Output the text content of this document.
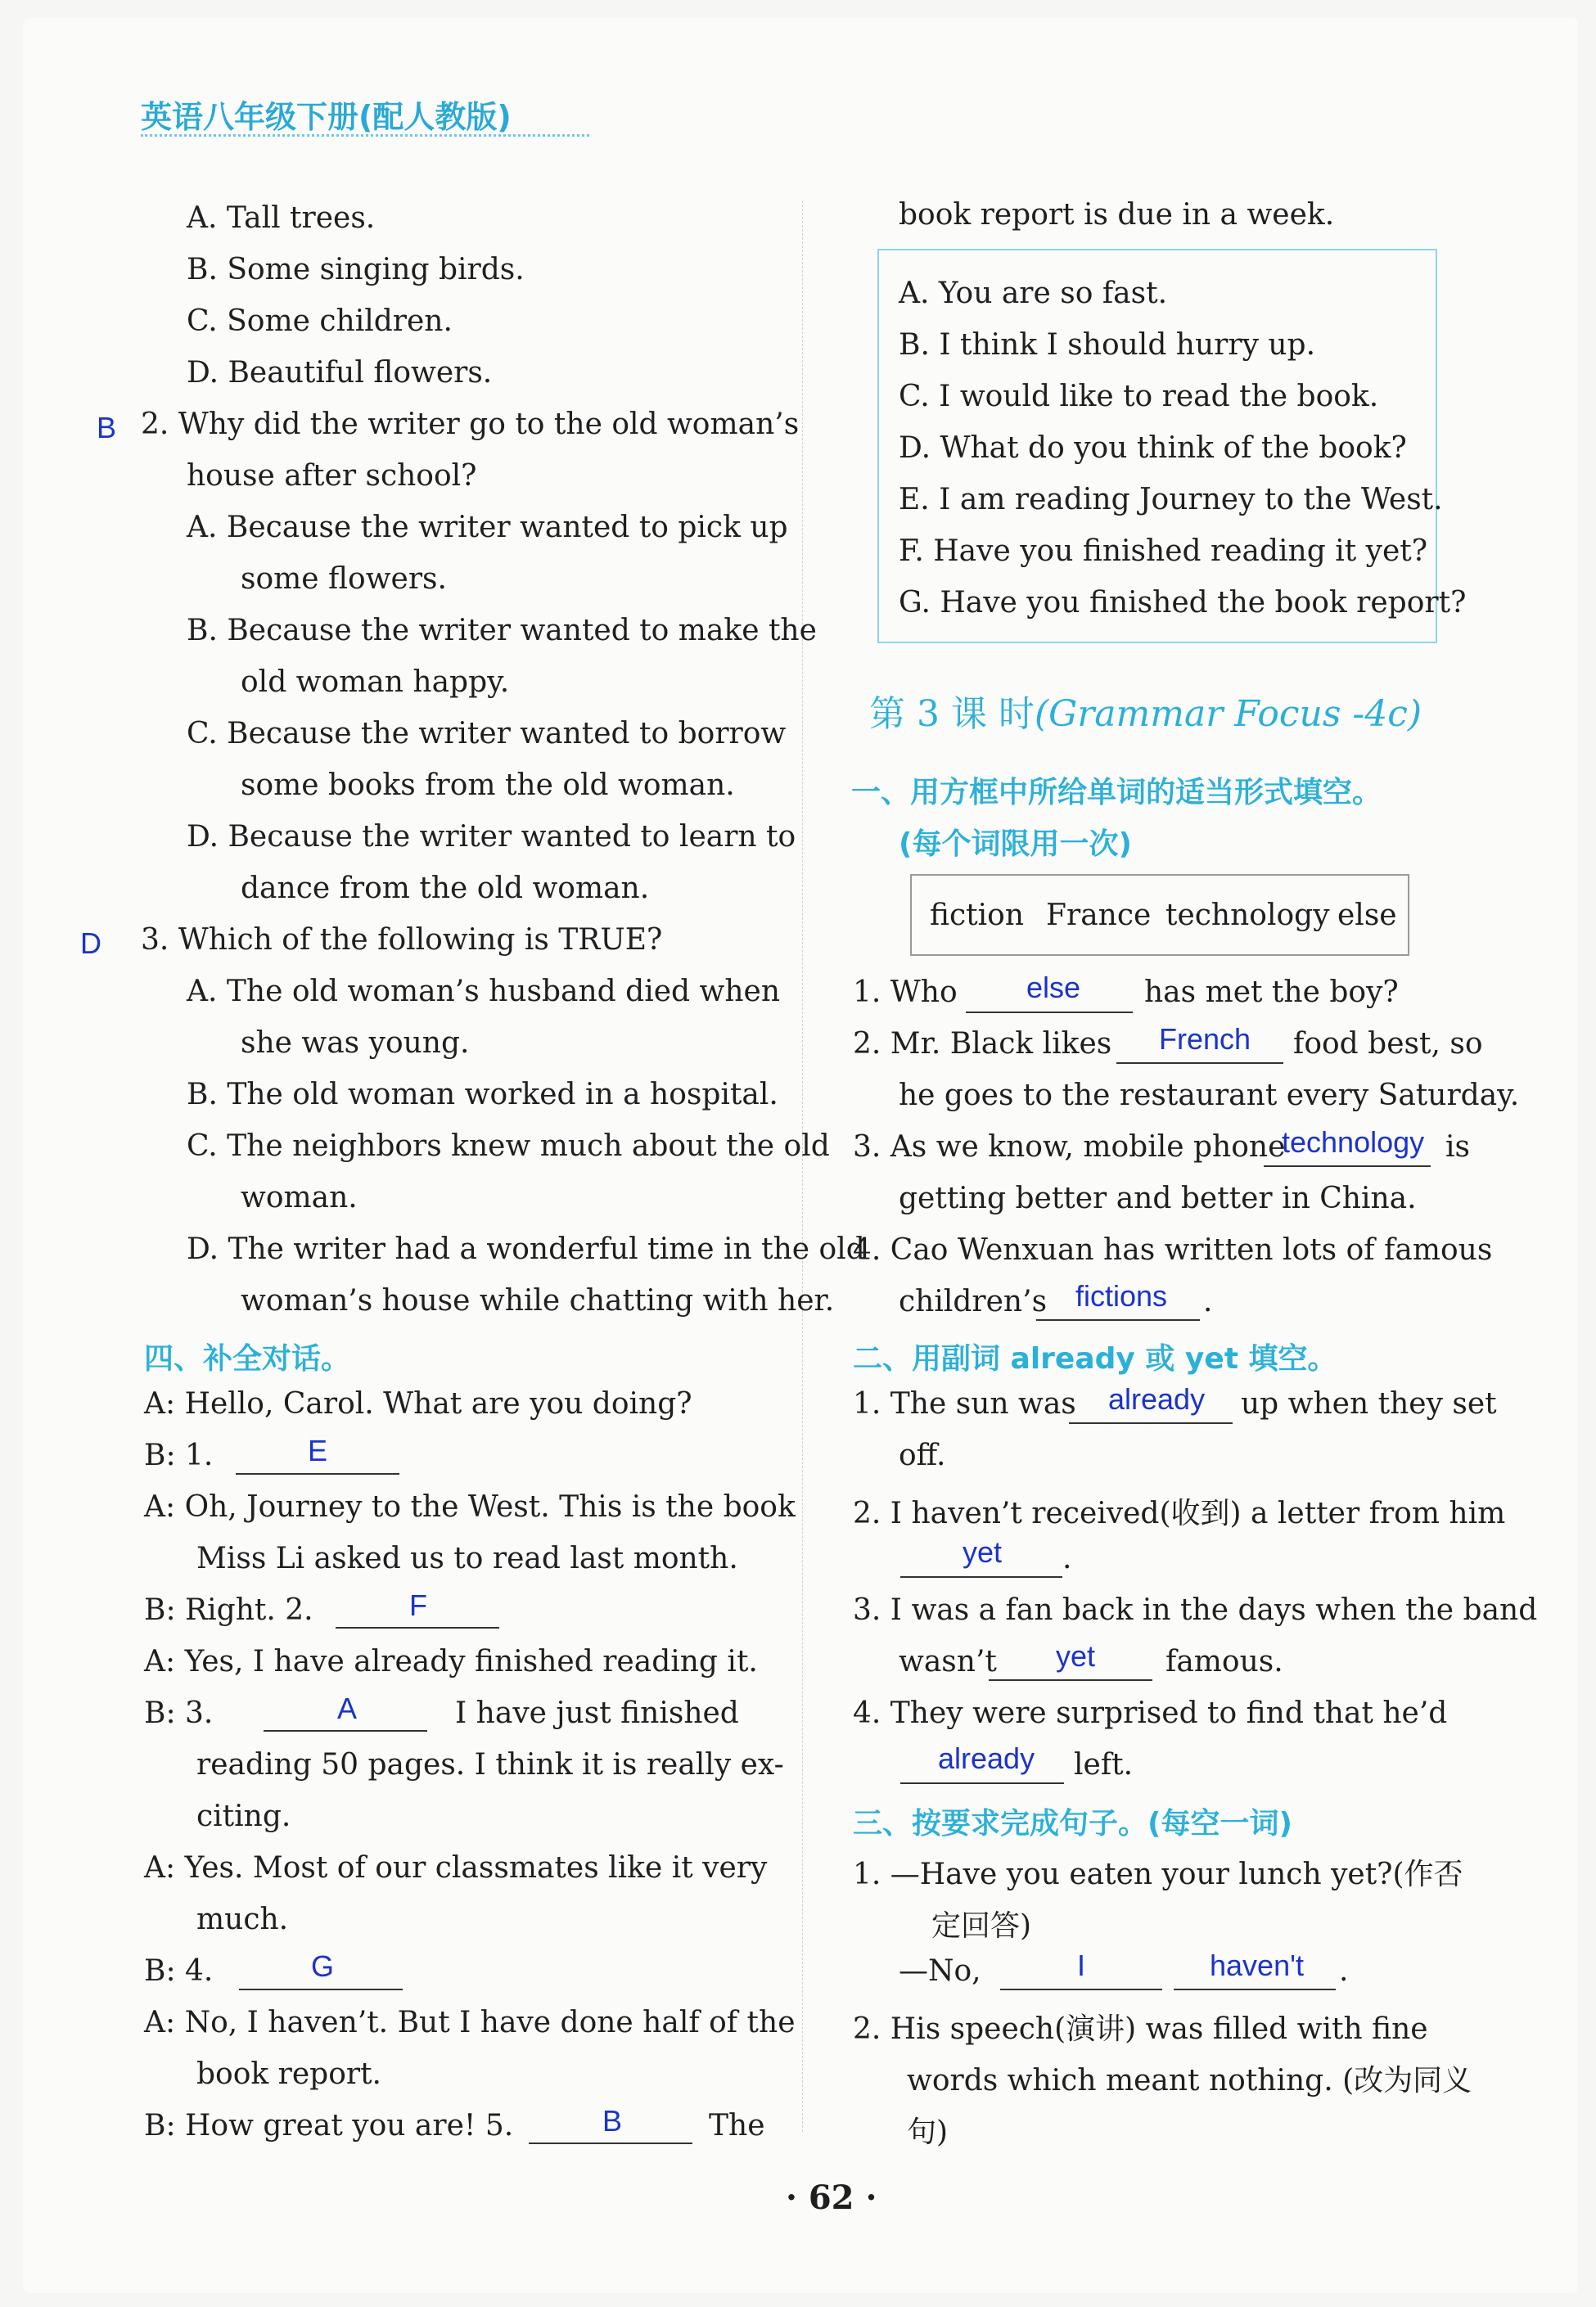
英语八年级下册(配人教版)
A. Tall trees.
B. Some singing birds.
C. Some children.
D. Beautiful flowers.
B 2. Why did the writer go to the old woman’s
house after school?
A. Because the writer wanted to pick up
some flowers.
B. Because the writer wanted to make the
old woman happy.
C. Because the writer wanted to borrow
some books from the old woman.
D. Because the writer wanted to learn to
dance from the old woman.
D 3. Which of the following is TRUE?
A. The old woman’s husband died when
she was young.
B. The old woman worked in a hospital.
C. The neighbors knew much about the old
woman.
D. The writer had a wonderful time in the old
woman’s house while chatting with her.
四、补全对话。
A: Hello, Carol. What are you doing?
B: 1.	E
A: Oh, Journey to the West. This is the book
Miss Li asked us to read last month.
B: Right. 2.	F
A: Yes, I have already finished reading it.
B: 3.	A	I have just finished
reading 50 pages. I think it is really ex-
citing.
A: Yes. Most of our classmates like it very
much.
B: 4.	G
A: No, I haven’t. But I have done half of the
book report.
B: How great you are! 5.	B	The
book report is due in a week.
A. You are so fast.
B. I think I should hurry up.
C. I would like to read the book.
D. What do you think of the book?
E. I am reading Journey to the West.
F. Have you finished reading it yet?
G. Have you finished the book report?
第 3 课 时(Grammar Focus -4c)
一、用方框中所给单词的适当形式填空。
(每个词限用一次)
fiction France technology else
1. Who else has met the boy?
2. Mr. Black likes French food best, so
he goes to the restaurant every Saturday.
3. As we know, mobile phone
technology is
getting better and better in China.
4. Cao Wenxuan has written lots of famous
children’s fictions .
二、用副词 already 或 yet 填空。
1. The sun was already up when they set
off.
2. I haven’t received(收到) a letter from him
yet .
3. I was a fan back in the days when the band
wasn’t yet famous.
4. They were surprised to find that he’d
already left.
三、按要求完成句子。(每空一词)
1. —Have you eaten your lunch yet?(作否
定回答)
—No,	I	haven't .
2. His speech(演讲) was filled with fine
words which meant nothing. (改为同义
句)
· 62 ·
